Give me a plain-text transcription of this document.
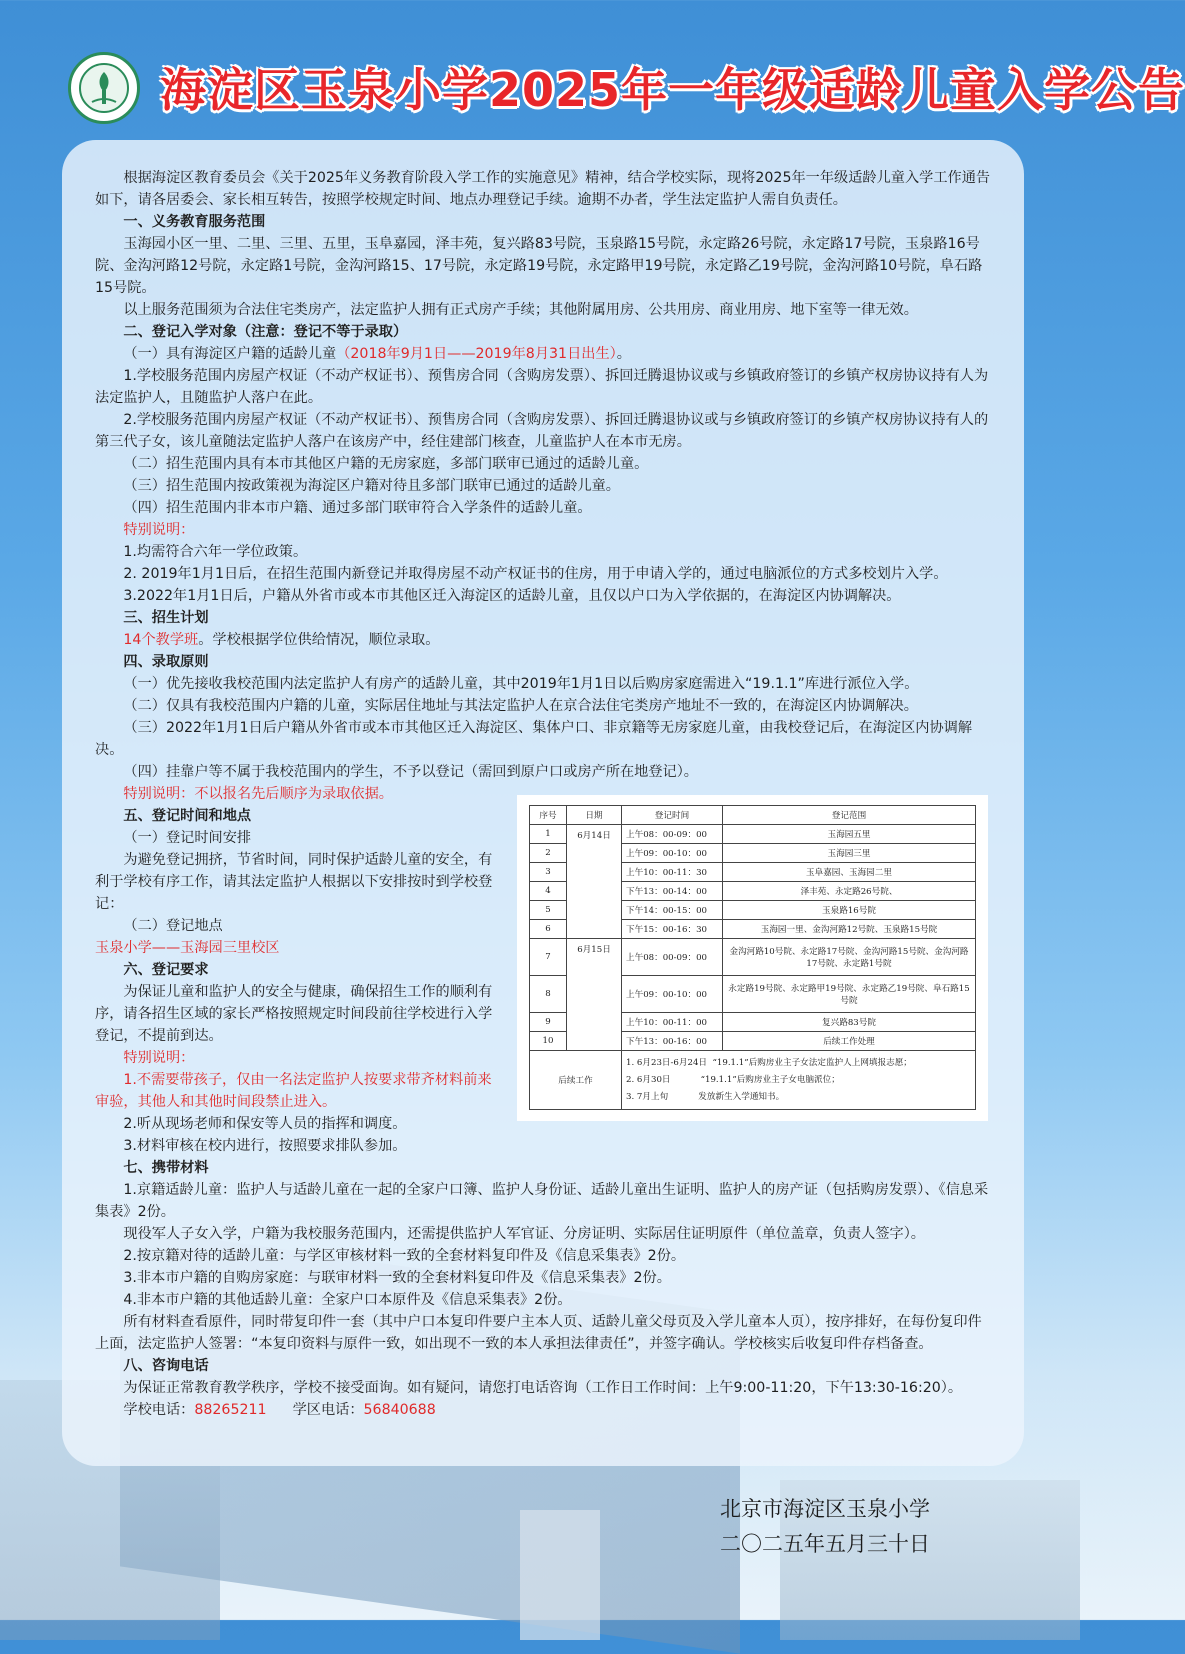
海淀区玉泉小学2025年一年级适龄儿童入学公告

根据海淀区教育委员会《关于2025年义务教育阶段入学工作的实施意见》精神，结合学校实际，现将2025年一年级适龄儿童入学工作通告如下，请各居委会、家长相互转告，按照学校规定时间、地点办理登记手续。逾期不办者，学生法定监护人需自负责任。

一、义务教育服务范围

玉海园小区一里、二里、三里、五里，玉阜嘉园，泽丰苑，复兴路83号院，玉泉路15号院，永定路26号院，永定路17号院，玉泉路16号院、金沟河路12号院，永定路1号院，金沟河路15、17号院，永定路19号院，永定路甲19号院，永定路乙19号院，金沟河路10号院，阜石路15号院。

以上服务范围须为合法住宅类房产，法定监护人拥有正式房产手续；其他附属用房、公共用房、商业用房、地下室等一律无效。

二、登记入学对象（注意：登记不等于录取）

（一）具有海淀区户籍的适龄儿童（2018年9月1日——2019年8月31日出生）。

1.学校服务范围内房屋产权证（不动产权证书）、预售房合同（含购房发票）、拆回迁腾退协议或与乡镇政府签订的乡镇产权房协议持有人为法定监护人，且随监护人落户在此。

2.学校服务范围内房屋产权证（不动产权证书）、预售房合同（含购房发票）、拆回迁腾退协议或与乡镇政府签订的乡镇产权房协议持有人的第三代子女，该儿童随法定监护人落户在该房产中，经住建部门核查，儿童监护人在本市无房。

（二）招生范围内具有本市其他区户籍的无房家庭，多部门联审已通过的适龄儿童。

（三）招生范围内按政策视为海淀区户籍对待且多部门联审已通过的适龄儿童。

（四）招生范围内非本市户籍、通过多部门联审符合入学条件的适龄儿童。

特别说明：

1.均需符合六年一学位政策。

2. 2019年1月1日后，在招生范围内新登记并取得房屋不动产权证书的住房，用于申请入学的，通过电脑派位的方式多校划片入学。

3.2022年1月1日后，户籍从外省市或本市其他区迁入海淀区的适龄儿童，且仅以户口为入学依据的，在海淀区内协调解决。

三、招生计划

14个教学班。学校根据学位供给情况，顺位录取。

四、录取原则

（一）优先接收我校范围内法定监护人有房产的适龄儿童，其中2019年1月1日以后购房家庭需进入“19.1.1”库进行派位入学。

（二）仅具有我校范围内户籍的儿童，实际居住地址与其法定监护人在京合法住宅类房产地址不一致的，在海淀区内协调解决。

（三）2022年1月1日后户籍从外省市或本市其他区迁入海淀区、集体户口、非京籍等无房家庭儿童，由我校登记后，在海淀区内协调解决。

（四）挂靠户等不属于我校范围内的学生，不予以登记（需回到原户口或房产所在地登记）。

特别说明：不以报名先后顺序为录取依据。

五、登记时间和地点

（一）登记时间安排

为避免登记拥挤，节省时间，同时保护适龄儿童的安全，有利于学校有序工作，请其法定监护人根据以下安排按时到学校登记：

（二）登记地点

玉泉小学——玉海园三里校区

六、登记要求

为保证儿童和监护人的安全与健康，确保招生工作的顺利有序，请各招生区域的家长严格按照规定时间段前往学校进行入学登记，不提前到达。

特别说明：

1.不需要带孩子，仅由一名法定监护人按要求带齐材料前来审验，其他人和其他时间段禁止进入。

2.听从现场老师和保安等人员的指挥和调度。

3.材料审核在校内进行，按照要求排队参加。

七、携带材料

1.京籍适龄儿童：监护人与适龄儿童在一起的全家户口簿、监护人身份证、适龄儿童出生证明、监护人的房产证（包括购房发票）、《信息采集表》2份。

现役军人子女入学，户籍为我校服务范围内，还需提供监护人军官证、分房证明、实际居住证明原件（单位盖章，负责人签字）。

2.按京籍对待的适龄儿童：与学区审核材料一致的全套材料复印件及《信息采集表》2份。

3.非本市户籍的自购房家庭：与联审材料一致的全套材料复印件及《信息采集表》2份。

4.非本市户籍的其他适龄儿童：全家户口本原件及《信息采集表》2份。

所有材料查看原件，同时带复印件一套（其中户口本复印件要户主本人页、适龄儿童父母页及入学儿童本人页），按序排好，在每份复印件上面，法定监护人签署：“本复印资料与原件一致，如出现不一致的本人承担法律责任”，并签字确认。学校核实后收复印件存档备查。

八、咨询电话

为保证正常教育教学秩序，学校不接受面询。如有疑问，请您打电话咨询（工作日工作时间：上午9:00-11:20，下午13:30-16:20）。

学校电话：88265211 学区电话：56840688

序号	日期	登记时间	登记范围
1	6月14日	上午08：00-09：00	玉海园五里
2		上午09：00-10：00	玉海园三里
3		上午10：00-11：30	玉阜嘉园、玉海园二里
4		下午13：00-14：00	泽丰苑、永定路26号院、
5		下午14：00-15：00	玉泉路16号院
6		下午15：00-16：30	玉海园一里、金沟河路12号院、玉泉路15号院
7	6月15日	上午08：00-09：00	金沟河路10号院、永定路17号院、金沟河路15号院、金沟河路17号院、永定路1号院
8		上午09：00-10：00	永定路19号院、永定路甲19号院、永定路乙19号院、阜石路15号院
9		上午10：00-11：00	复兴路83号院
10		下午13：00-16：00	后续工作处理
后续工作		1. 6月23日-6月24日 “19.1.1”后购房业主子女法定监护人上网填报志愿；
2. 6月30日 “19.1.1”后购房业主子女电脑派位；
3. 7月上旬 发放新生入学通知书。	
北京市海淀区玉泉小学
二〇二五年五月三十日
